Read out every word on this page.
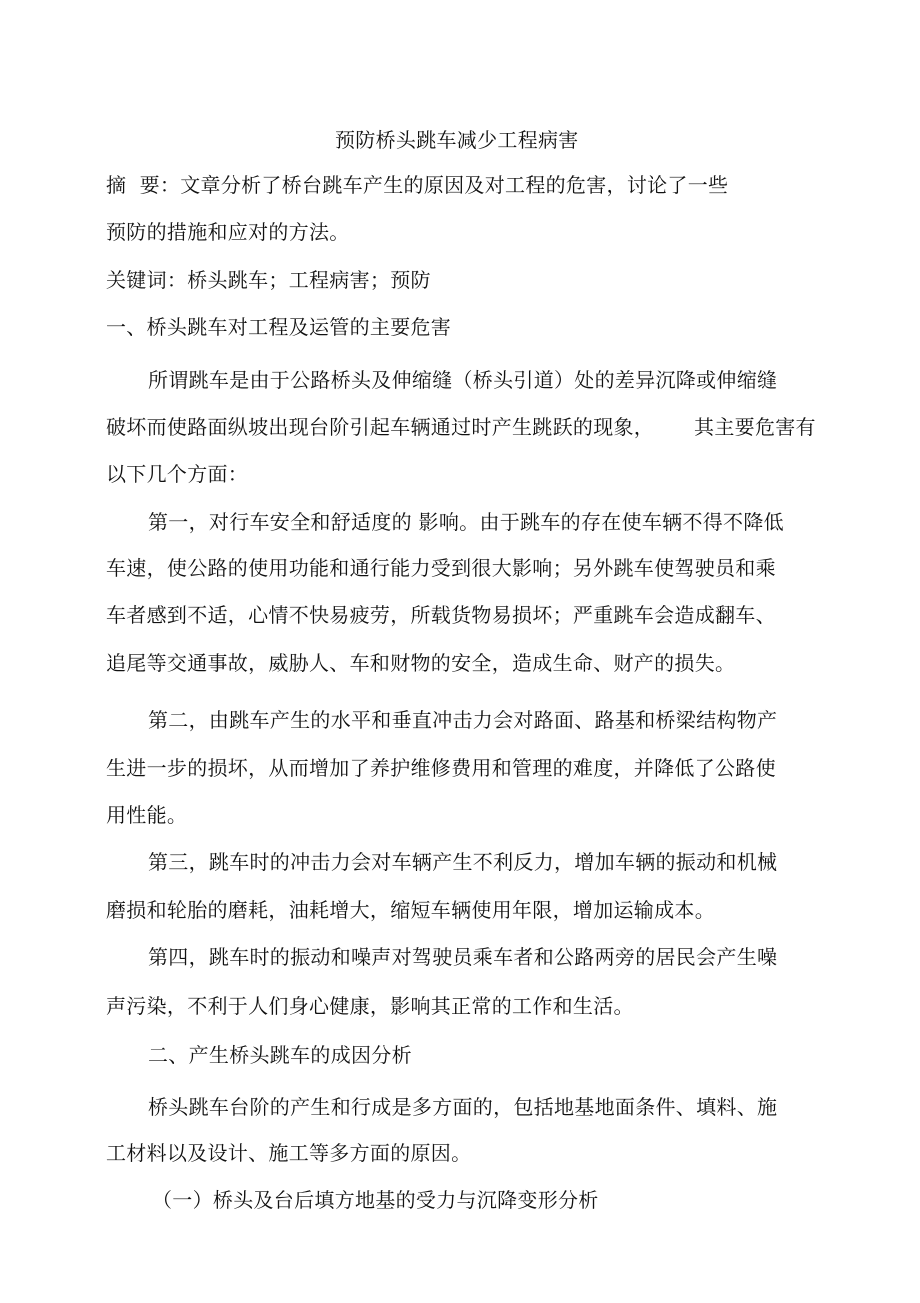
预防桥头跳车减少工程病害
摘  要：文章分析了桥台跳车产生的原因及对工程的危害，讨论了一些
预防的措施和应对的方法。
关键词：桥头跳车；工程病害；预防
一、桥头跳车对工程及运管的主要危害
所谓跳车是由于公路桥头及伸缩缝（桥头引道）处的差异沉降或伸缩缝
破坏而使路面纵坡出现台阶引起车辆通过时产生跳跃的现象，      其主要危害有
以下几个方面：
第一，对行车安全和舒适度的 影响。由于跳车的存在使车辆不得不降低
车速，使公路的使用功能和通行能力受到很大影响；另外跳车使驾驶员和乘
车者感到不适，心情不快易疲劳，所载货物易损坏；严重跳车会造成翻车、
追尾等交通事故，威胁人、车和财物的安全，造成生命、财产的损失。
第二，由跳车产生的水平和垂直冲击力会对路面、路基和桥梁结构物产
生进一步的损坏，从而增加了养护维修费用和管理的难度，并降低了公路使
用性能。
第三，跳车时的冲击力会对车辆产生不利反力，增加车辆的振动和机械
磨损和轮胎的磨耗，油耗增大，缩短车辆使用年限，增加运输成本。
第四，跳车时的振动和噪声对驾驶员乘车者和公路两旁的居民会产生噪
声污染，不利于人们身心健康，影响其正常的工作和生活。
二、产生桥头跳车的成因分析
桥头跳车台阶的产生和行成是多方面的，包括地基地面条件、填料、施
工材料以及设计、施工等多方面的原因。
（一）桥头及台后填方地基的受力与沉降变形分析
